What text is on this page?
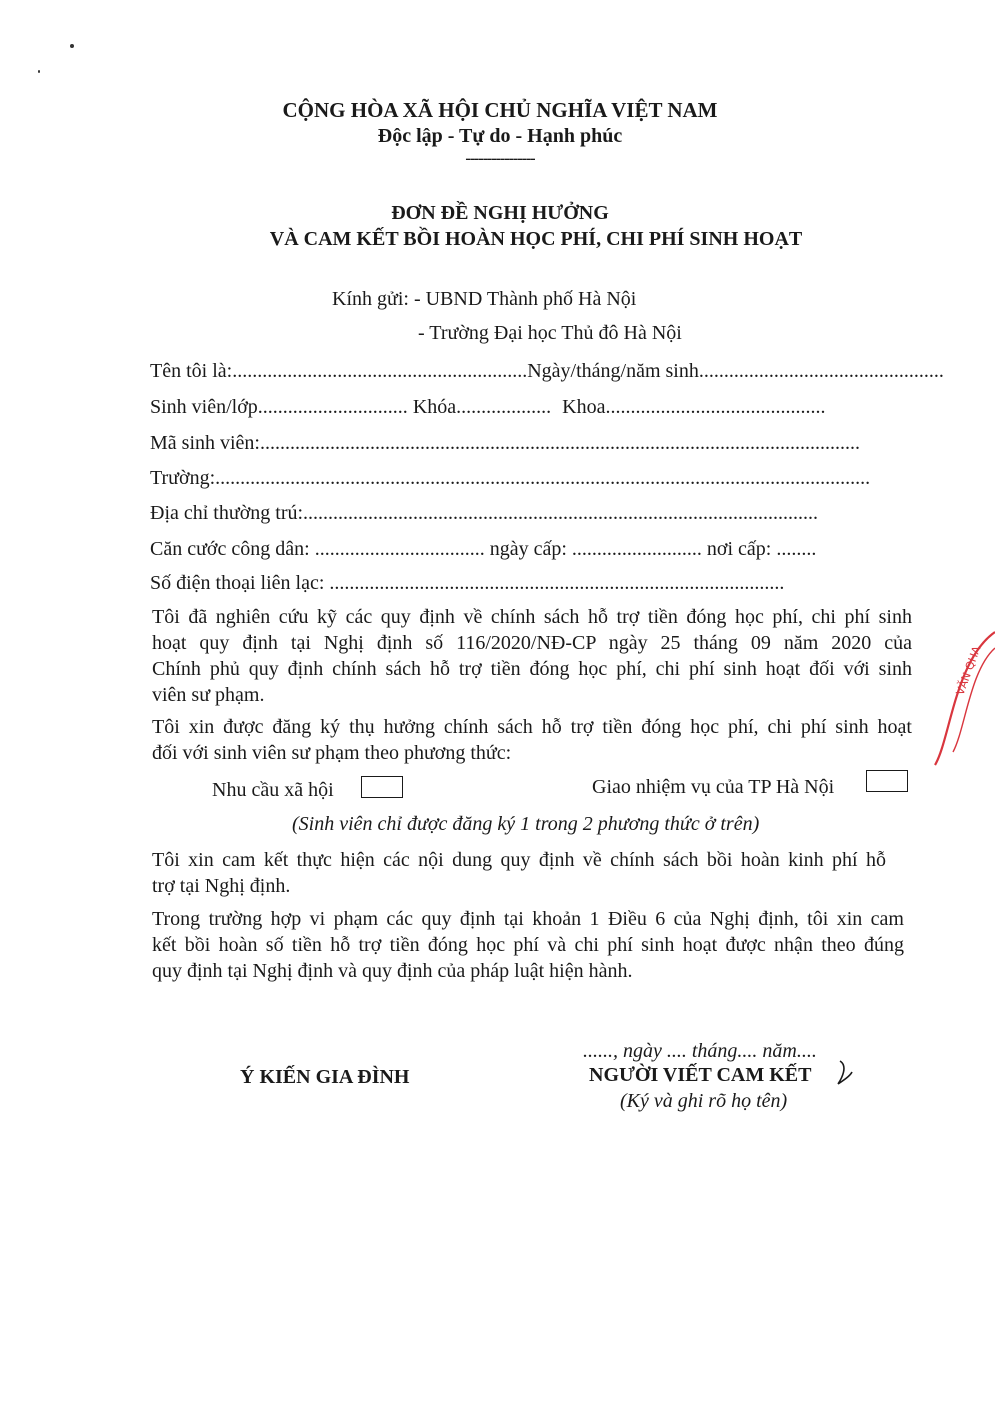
CỘNG HÒA XÃ HỘI CHỦ NGHĨA VIỆT NAM
Độc lập - Tự do - Hạnh phúc
----------------
ĐƠN ĐỀ NGHỊ HƯỞNG
VÀ CAM KẾT BỒI HOÀN HỌC PHÍ, CHI PHÍ SINH HOẠT
Kính gửi: - UBND Thành phố Hà Nội
- Trường Đại học Thủ đô Hà Nội
Tên tôi là:...........................................................Ngày/tháng/năm sinh.................................................
Sinh viên/lớp.............................. Khóa................... Khoa............................................
Mã sinh viên:........................................................................................................................
Trường:...................................................................................................................................
Địa chỉ thường trú:.......................................................................................................
Căn cước công dân: .................................. ngày cấp: .......................... nơi cấp: ........
Số điện thoại liên lạc: ...........................................................................................
Tôi đã nghiên cứu kỹ các quy định về chính sách hỗ trợ tiền đóng học phí, chi phí sinh
hoạt quy định tại Nghị định số 116/2020/NĐ-CP ngày 25 tháng 09 năm 2020 của
Chính phủ quy định chính sách hỗ trợ tiền đóng học phí, chi phí sinh hoạt đối với sinh
viên sư phạm.
Tôi xin được đăng ký thụ hưởng chính sách hỗ trợ tiền đóng học phí, chi phí sinh hoạt
đối với sinh viên sư phạm theo phương thức:
Nhu cầu xã hội	Giao nhiệm vụ của TP Hà Nội
(Sinh viên chỉ được đăng ký 1 trong 2 phương thức ở trên)
Tôi xin cam kết thực hiện các nội dung quy định về chính sách bồi hoàn kinh phí hỗ
trợ tại Nghị định.
Trong trường hợp vi phạm các quy định tại khoản 1 Điều 6 của Nghị định, tôi xin cam
kết bồi hoàn số tiền hỗ trợ tiền đóng học phí và chi phí sinh hoạt được nhận theo đúng
quy định tại Nghị định và quy định của pháp luật hiện hành.
......, ngày .... tháng.... năm....
Ý KIẾN GIA ĐÌNH	NGƯỜI VIẾT CAM KẾT
(Ký và ghi rõ họ tên)
VĂN QHA
